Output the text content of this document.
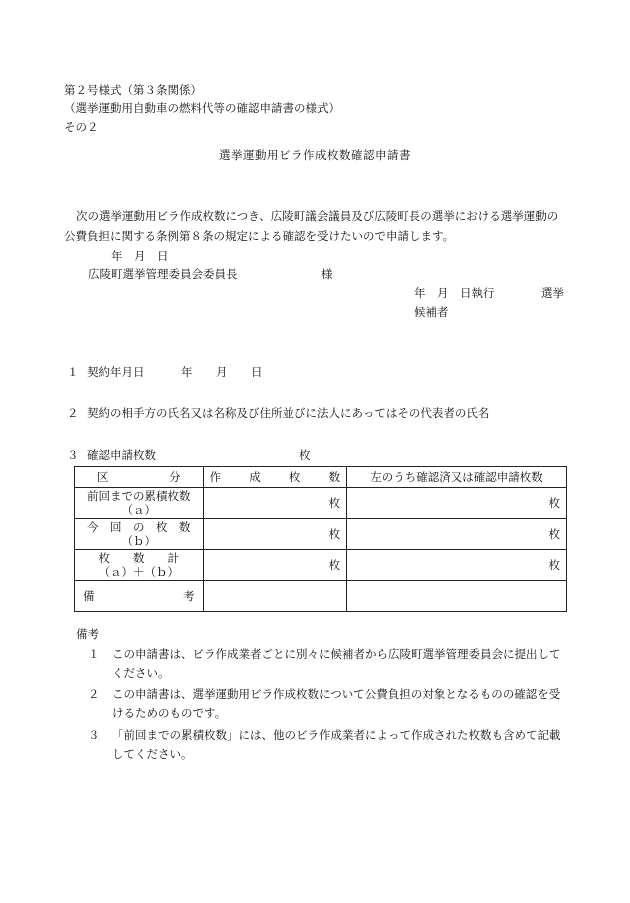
第２号様式（第３条関係）
（選挙運動用自動車の燃料代等の確認申請書の様式）
その２
選挙運動用ビラ作成枚数確認申請書
次の選挙運動用ビラ作成枚数につき、広陵町議会議員及び広陵町長の選挙における選挙運動の
公費負担に関する条例第８条の規定による確認を受けたいので申請します。
年　月　日
広陵町選挙管理委員会委員長	様
年　月　日執行	選挙
候補者
１ 契約年月日	年 月 日
２ 契約の相手方の氏名又は名称及び住所並びに法人にあってはその代表者の氏名
３ 確認申請枚数	枚
区 分	作 成 枚 数	左のうち確認済又は確認申請枚数

前回までの累積枚数
（ａ）	枚	枚

今　回　の　枚　数
（ｂ）	枚	枚

枚　　数　　計
（ａ）＋（ｂ）	枚	枚

備 考		

備考
１	この申請書は、ビラ作成業者ごとに別々に候補者から広陵町選挙管理委員会に提出してください。
２	この申請書は、選挙運動用ビラ作成枚数について公費負担の対象となるものの確認を受けるためのものです。
３	「前回までの累積枚数」には、他のビラ作成業者によって作成された枚数も含めて記載してください。
